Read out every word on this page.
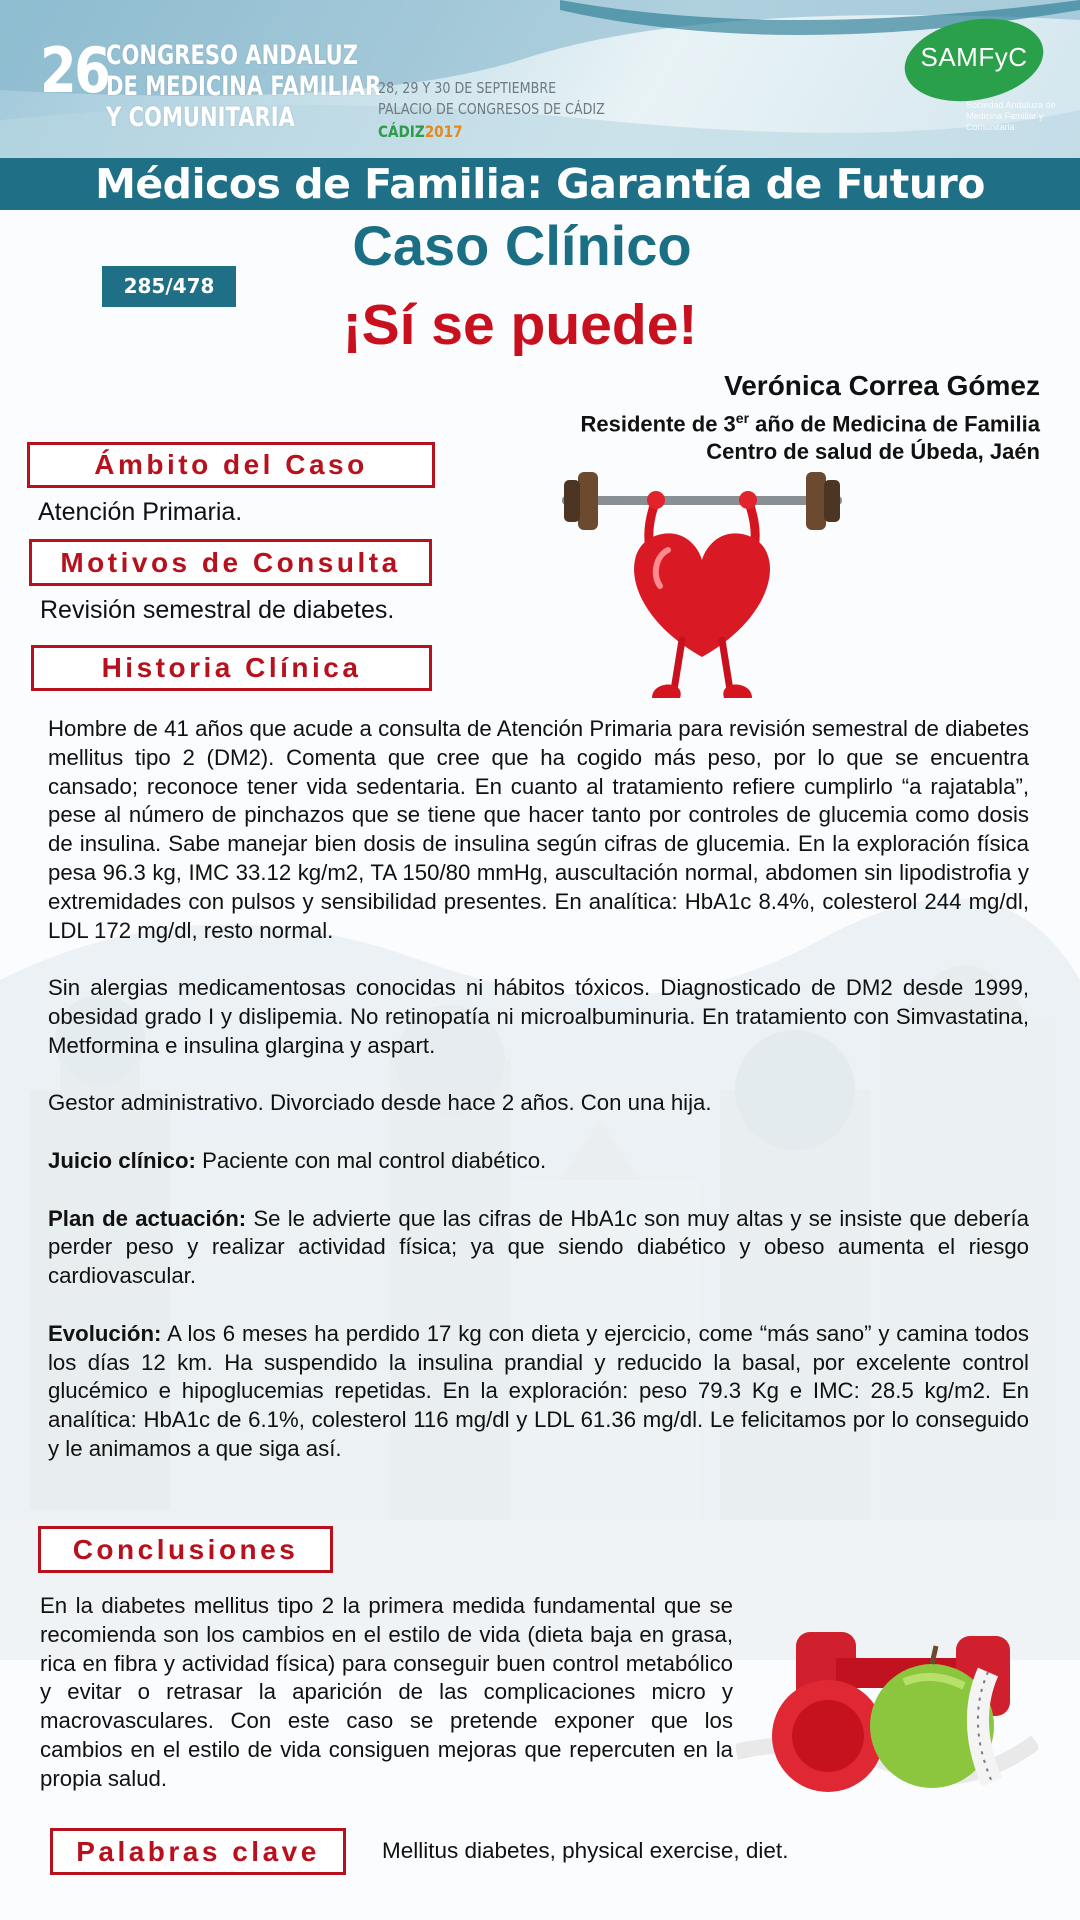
26
CONGRESO ANDALUZ
DE MEDICINA FAMILIAR
Y COMUNITARIA
28, 29 Y 30 DE SEPTIEMBRE
PALACIO DE CONGRESOS DE CÁDIZ
CÁDIZ2017
SAMFyC
Sociedad Andaluza de Medicina Familiar y Comunitaria
Médicos de Familia: Garantía de Futuro
Caso Clínico
285/478
¡Sí se puede!
Verónica Correa Gómez
Residente de 3er año de Medicina de Familia
Centro de salud de Úbeda, Jaén
Ámbito del Caso
Atención Primaria.
Motivos de Consulta
Revisión semestral de diabetes.
Historia Clínica

Hombre de 41 años que acude a consulta de Atención Primaria para revisión semestral de diabetes mellitus tipo 2 (DM2). Comenta que cree que ha cogido más peso, por lo que se encuentra cansado; reconoce tener vida sedentaria. En cuanto al tratamiento refiere cumplirlo “a rajatabla”, pese al número de pinchazos que se tiene que hacer tanto por controles de glucemia como dosis de insulina. Sabe manejar bien dosis de insulina según cifras de glucemia. En la exploración física pesa 96.3 kg, IMC 33.12 kg/m2, TA 150/80 mmHg, auscultación normal, abdomen sin lipodistrofia y extremidades con pulsos y sensibilidad presentes. En analítica: HbA1c 8.4%, colesterol 244 mg/dl, LDL 172 mg/dl, resto normal.

Sin alergias medicamentosas conocidas ni hábitos tóxicos. Diagnosticado de DM2 desde 1999, obesidad grado I y dislipemia. No retinopatía ni microalbuminuria. En tratamiento con Simvastatina, Metformina e insulina glargina y aspart.

Gestor administrativo. Divorciado desde hace 2 años. Con una hija.

Juicio clínico: Paciente con mal control diabético.

Plan de actuación: Se le advierte que las cifras de HbA1c son muy altas y se insiste que debería perder peso y realizar actividad física; ya que siendo diabético y obeso aumenta el riesgo cardiovascular.

Evolución: A los 6 meses ha perdido 17 kg con dieta y ejercicio, come “más sano” y camina todos los días 12 km. Ha suspendido la insulina prandial y reducido la basal, por excelente control glucémico e hipoglucemias repetidas. En la exploración: peso 79.3 Kg e IMC: 28.5 kg/m2. En analítica: HbA1c de 6.1%, colesterol 116 mg/dl y LDL 61.36 mg/dl. Le felicitamos por lo conseguido y le animamos a que siga así.

Conclusiones
En la diabetes mellitus tipo 2 la primera medida fundamental que se recomienda son los cambios en el estilo de vida (dieta baja en grasa, rica en fibra y actividad física) para conseguir buen control metabólico y evitar o retrasar la aparición de las complicaciones micro y macrovasculares. Con este caso se pretende exponer que los cambios en el estilo de vida consiguen mejoras que repercuten en la propia salud.
Palabras clave	Mellitus diabetes, physical exercise, diet.
